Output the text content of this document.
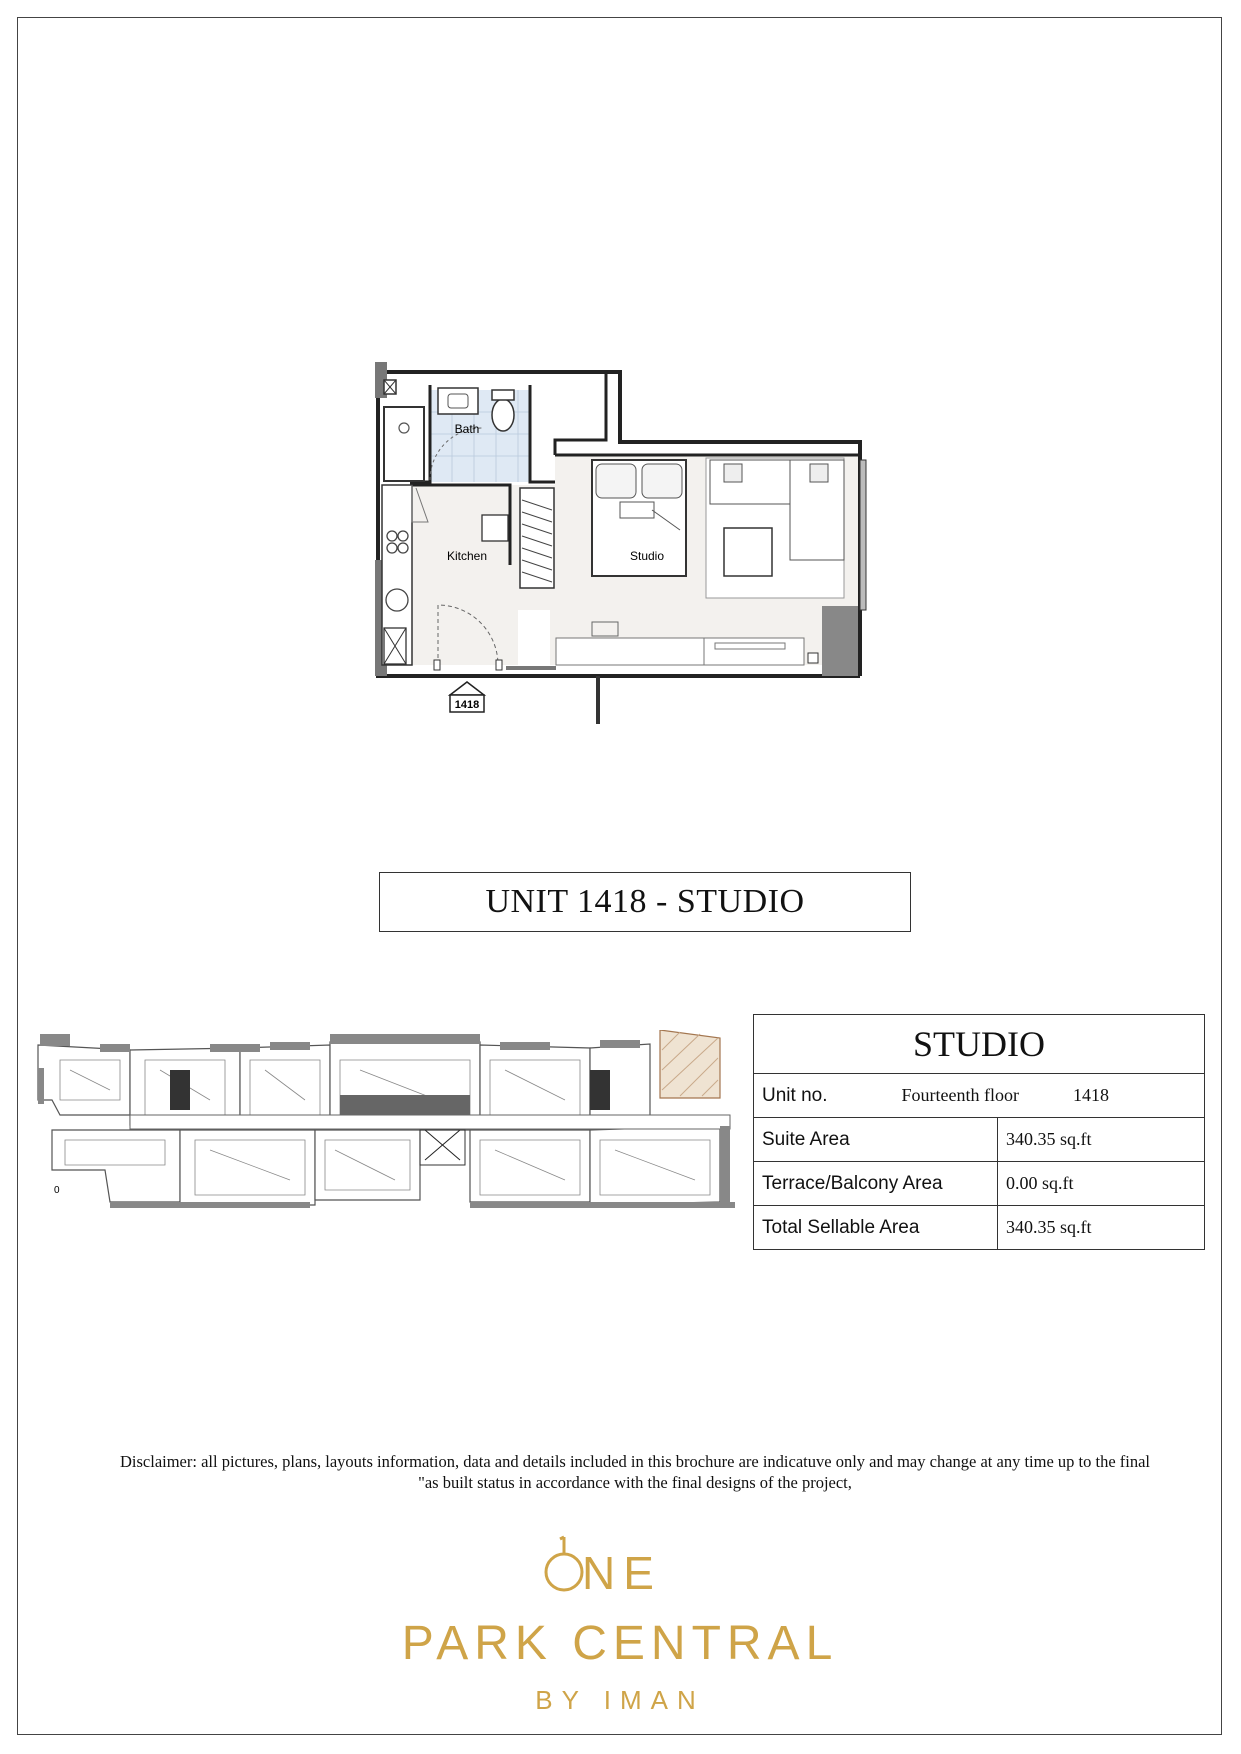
1418
Bath
Kitchen	Studio
UNIT 1418 - STUDIO
0
STUDIO	
Unit no. Fourteenth floor 1418	
Suite Area	340.35 sq.ft
Terrace/Balcony Area	0.00 sq.ft
Total Sellable Area	340.35 sq.ft
Disclaimer: all pictures, plans, layouts information, data and details included in this brochure are indicatuve only and may change at any time up to the final
"as built status in accordance with the final designs of the project,
NE
PARK CENTRAL
BY IMAN
